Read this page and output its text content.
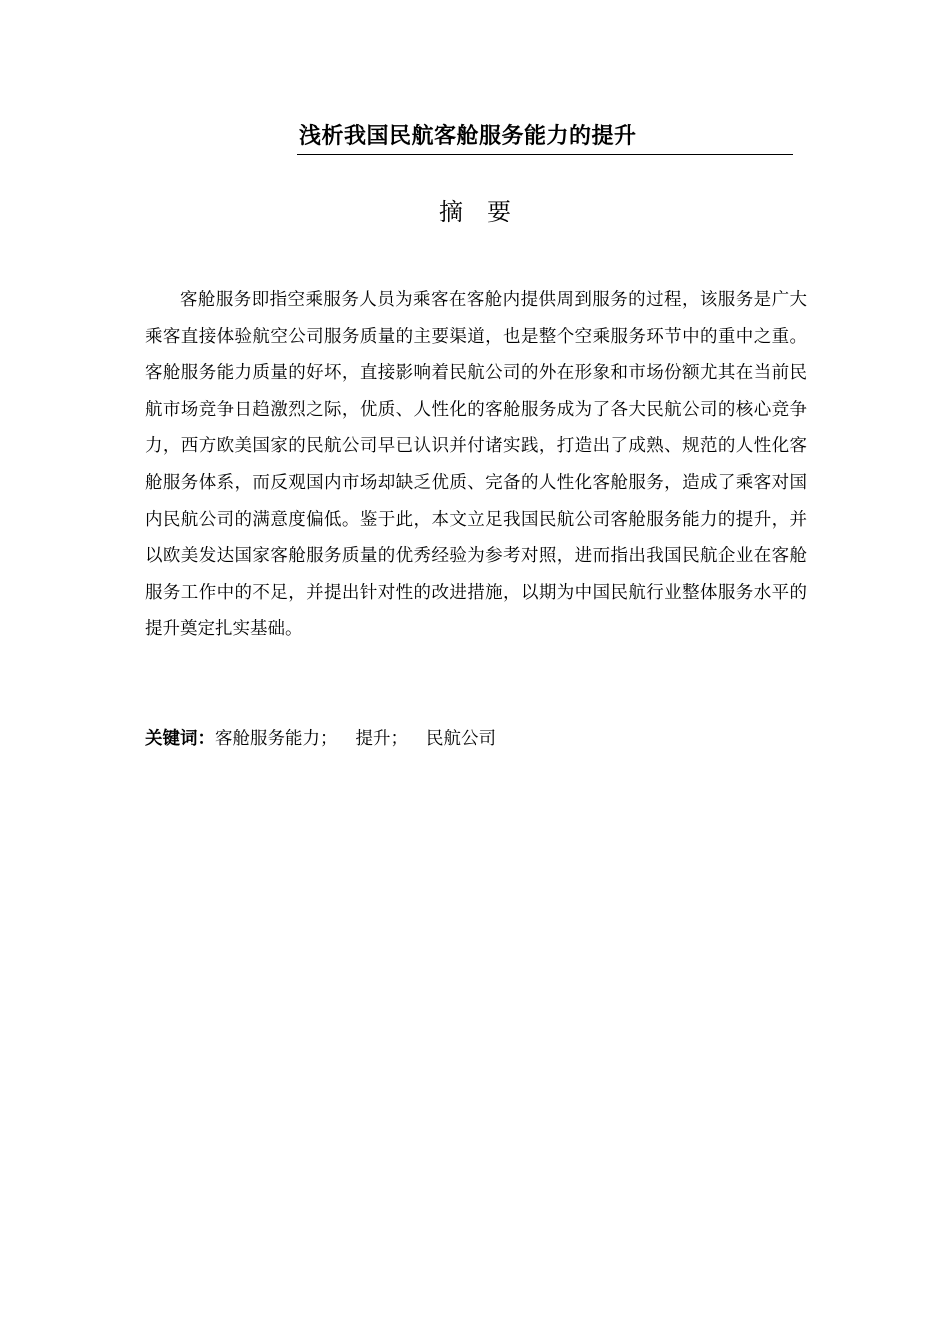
浅析我国民航客舱服务能力的提升
摘　要

客舱服务即指空乘服务人员为乘客在客舱内提供周到服务的过程，该服务是广大乘客直接体验航空公司服务质量的主要渠道，也是整个空乘服务环节中的重中之重。客舱服务能力质量的好坏，直接影响着民航公司的外在形象和市场份额尤其在当前民航市场竞争日趋激烈之际，优质、人性化的客舱服务成为了各大民航公司的核心竞争力，西方欧美国家的民航公司早已认识并付诸实践，打造出了成熟、规范的人性化客舱服务体系，而反观国内市场却缺乏优质、完备的人性化客舱服务，造成了乘客对国内民航公司的满意度偏低。鉴于此，本文立足我国民航公司客舱服务能力的提升，并以欧美发达国家客舱服务质量的优秀经验为参考对照，进而指出我国民航企业在客舱服务工作中的不足，并提出针对性的改进措施，以期为中国民航行业整体服务水平的提升奠定扎实基础。

关键词：客舱服务能力； 提升； 民航公司
